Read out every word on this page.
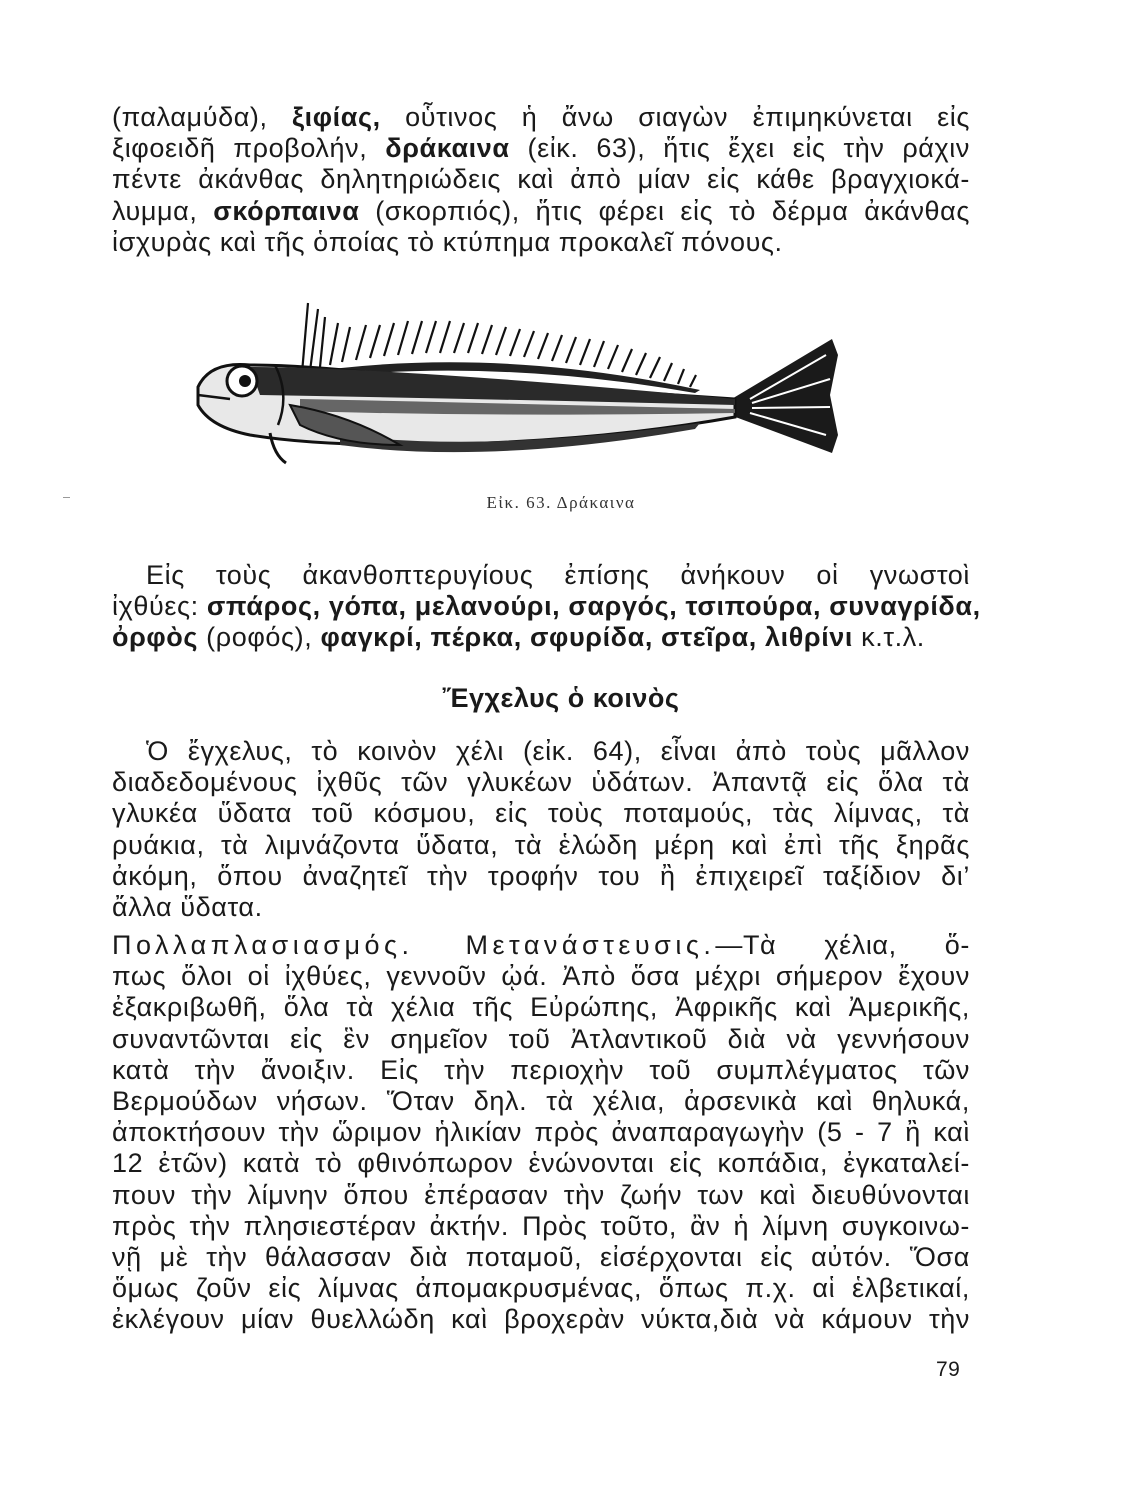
(παλαμύδα), ξιφίας, οὗτινος ἡ ἄνω σιαγὼν ἐπιμηκύνεται εἰς
ξιφοειδῆ προβολήν, δράκαινα (εἰκ. 63), ἥτις ἔχει εἰς τὴν ράχιν
πέντε ἀκάνθας δηλητηριώδεις καὶ ἀπὸ μίαν εἰς κάθε βραγχιοκά-
λυμμα, σκόρπαινα (σκορπιός), ἥτις φέρει εἰς τὸ δέρμα ἀκάνθας
ἰσχυρὰς καὶ τῆς ὁποίας τὸ κτύπημα προκαλεῖ πόνους.
Εἰκ. 63. Δράκαινα
Εἰς τοὺς ἀκανθοπτερυγίους ἐπίσης ἀνήκουν οἱ γνωστοὶ
ἰχθύες: σπάρος, γόπα, μελανούρι, σαργός, τσιπούρα, συναγρίδα,
ὀρφὸς (ροφός), φαγκρί, πέρκα, σφυρίδα, στεῖρα, λιθρίνι κ.τ.λ.
Ἔγχελυς ὁ κοινὸς
Ὁ ἔγχελυς, τὸ κοινὸν χέλι (εἰκ. 64), εἶναι ἀπὸ τοὺς μᾶλλον
διαδεδομένους ἰχθῦς τῶν γλυκέων ὑδάτων. Ἀπαντᾷ εἰς ὅλα τὰ
γλυκέα ὕδατα τοῦ κόσμου, εἰς τοὺς ποταμούς, τὰς λίμνας, τὰ
ρυάκια, τὰ λιμνάζοντα ὕδατα, τὰ ἑλώδη μέρη καὶ ἐπὶ τῆς ξηρᾶς
ἀκόμη, ὅπου ἀναζητεῖ τὴν τροφήν του ἢ ἐπιχειρεῖ ταξίδιον δι’
ἄλλα ὕδατα.
Πολλαπλασιασμός. Μετανάστευσις.—Τὰ χέλια, ὅ-
πως ὅλοι οἱ ἰχθύες, γεννοῦν ᾠά. Ἀπὸ ὅσα μέχρι σήμερον ἔχουν
ἐξακριβωθῆ, ὅλα τὰ χέλια τῆς Εὐρώπης, Ἀφρικῆς καὶ Ἀμερικῆς,
συναντῶνται εἰς ἓν σημεῖον τοῦ Ἀτλαντικοῦ διὰ νὰ γεννήσουν
κατὰ τὴν ἄνοιξιν. Εἰς τὴν περιοχὴν τοῦ συμπλέγματος τῶν
Βερμούδων νήσων. Ὅταν δηλ. τὰ χέλια, ἀρσενικὰ καὶ θηλυκά,
ἀποκτήσουν τὴν ὥριμον ἡλικίαν πρὸς ἀναπαραγωγὴν (5 - 7 ἢ καὶ
12 ἐτῶν) κατὰ τὸ φθινόπωρον ἑνώνονται εἰς κοπάδια, ἐγκαταλεί-
πουν τὴν λίμνην ὅπου ἐπέρασαν τὴν ζωήν των καὶ διευθύνονται
πρὸς τὴν πλησιεστέραν ἀκτήν. Πρὸς τοῦτο, ἂν ἡ λίμνη συγκοινω-
νῇ μὲ τὴν θάλασσαν διὰ ποταμοῦ, εἰσέρχονται εἰς αὐτόν. Ὅσα
ὅμως ζοῦν εἰς λίμνας ἀπομακρυσμένας, ὅπως π.χ. αἱ ἑλβετικαί,
ἐκλέγουν μίαν θυελλώδη καὶ βροχερὰν νύκτα,διὰ νὰ κάμουν τὴν
79
